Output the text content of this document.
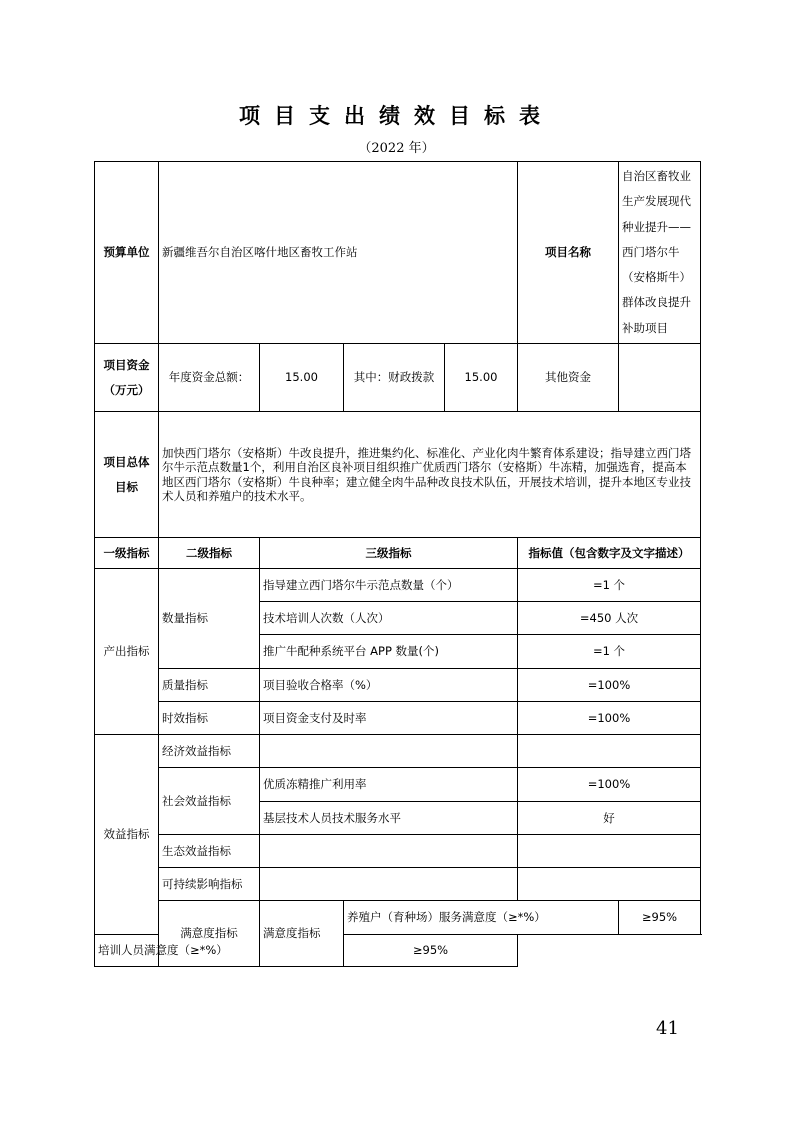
项目支出绩效目标表
（2022 年）
预算单位	新疆维吾尔自治区喀什地区畜牧工作站				项目名称	自治区畜牧业生产发展现代种业提升——西门塔尔牛（安格斯牛）群体改良提升补助项目
项目资金（万元）	年度资金总额：	15.00	其中：财政拨款	15.00	其他资金	
项目总体目标	加快西门塔尔（安格斯）牛改良提升，推进集约化、标准化、产业化肉牛繁育体系建设；指导建立西门塔尔牛示范点数量1个，利用自治区良补项目组织推广优质西门塔尔（安格斯）牛冻精，加强选育，提高本地区西门塔尔（安格斯）牛良种率；建立健全肉牛品种改良技术队伍，开展技术培训，提升本地区专业技术人员和养殖户的技术水平。					
一级指标	二级指标	三级指标			指标值（包含数字及文字描述）	
产出指标	数量指标	指导建立西门塔尔牛示范点数量（个）			=1 个	
		技术培训人次数（人次）			=450 人次	
		推广牛配种系统平台 APP 数量(个)			=1 个	
	质量指标	项目验收合格率（%）			=100%	
	时效指标	项目资金支付及时率			=100%	
效益指标	经济效益指标					
	社会效益指标	优质冻精推广利用率			=100%	
		基层技术人员技术服务水平			好	
	生态效益指标					
	可持续影响指标					
	满意度指标	满意度指标	养殖户（育种场）服务满意度（≥*%）			≥95%
培训人员满意度（≥*%）			≥95%			
41
